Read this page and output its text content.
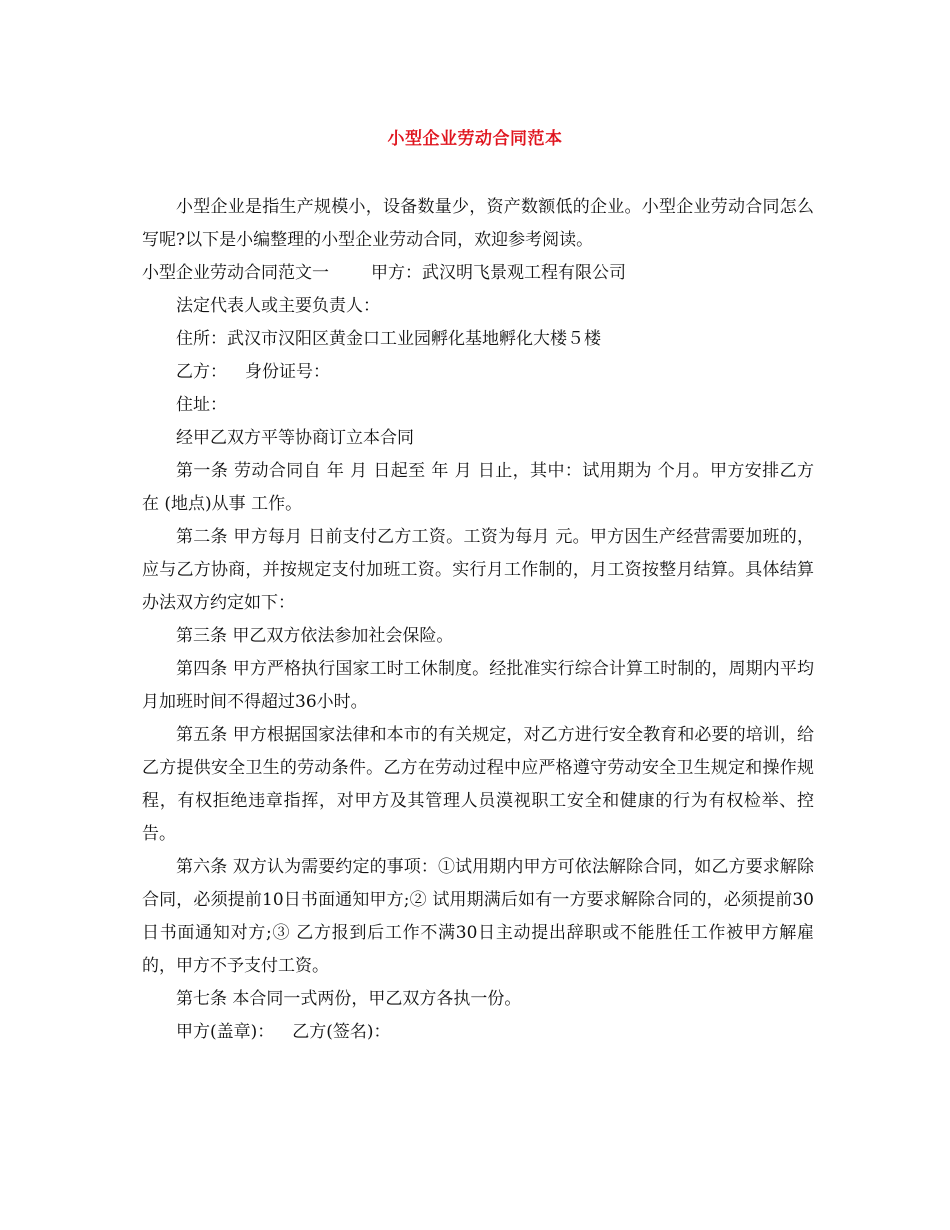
小型企业劳动合同范本

小型企业是指生产规模小，设备数量少，资产数额低的企业。小型企业劳动合同怎么写呢?以下是小编整理的小型企业劳动合同，欢迎参考阅读。

小型企业劳动合同范文一 甲方：武汉明飞景观工程有限公司

法定代表人或主要负责人：

住所：武汉市汉阳区黄金口工业园孵化基地孵化大楼５楼

乙方： 身份证号：

住址：

经甲乙双方平等协商订立本合同

第一条 劳动合同自 年 月 日起至 年 月 日止，其中：试用期为 个月。甲方安排乙方在 (地点)从事 工作。

第二条 甲方每月 日前支付乙方工资。工资为每月 元。甲方因生产经营需要加班的，应与乙方协商，并按规定支付加班工资。实行月工作制的，月工资按整月结算。具体结算办法双方约定如下：

第三条 甲乙双方依法参加社会保险。

第四条 甲方严格执行国家工时工休制度。经批准实行综合计算工时制的，周期内平均月加班时间不得超过36小时。

第五条 甲方根据国家法律和本市的有关规定，对乙方进行安全教育和必要的培训，给乙方提供安全卫生的劳动条件。乙方在劳动过程中应严格遵守劳动安全卫生规定和操作规程，有权拒绝违章指挥，对甲方及其管理人员漠视职工安全和健康的行为有权检举、控告。

第六条 双方认为需要约定的事项：①试用期内甲方可依法解除合同，如乙方要求解除合同，必须提前10日书面通知甲方;② 试用期满后如有一方要求解除合同的，必须提前30日书面通知对方;③ 乙方报到后工作不满30日主动提出辞职或不能胜任工作被甲方解雇的，甲方不予支付工资。

第七条 本合同一式两份，甲乙双方各执一份。

甲方(盖章)： 乙方(签名)：
